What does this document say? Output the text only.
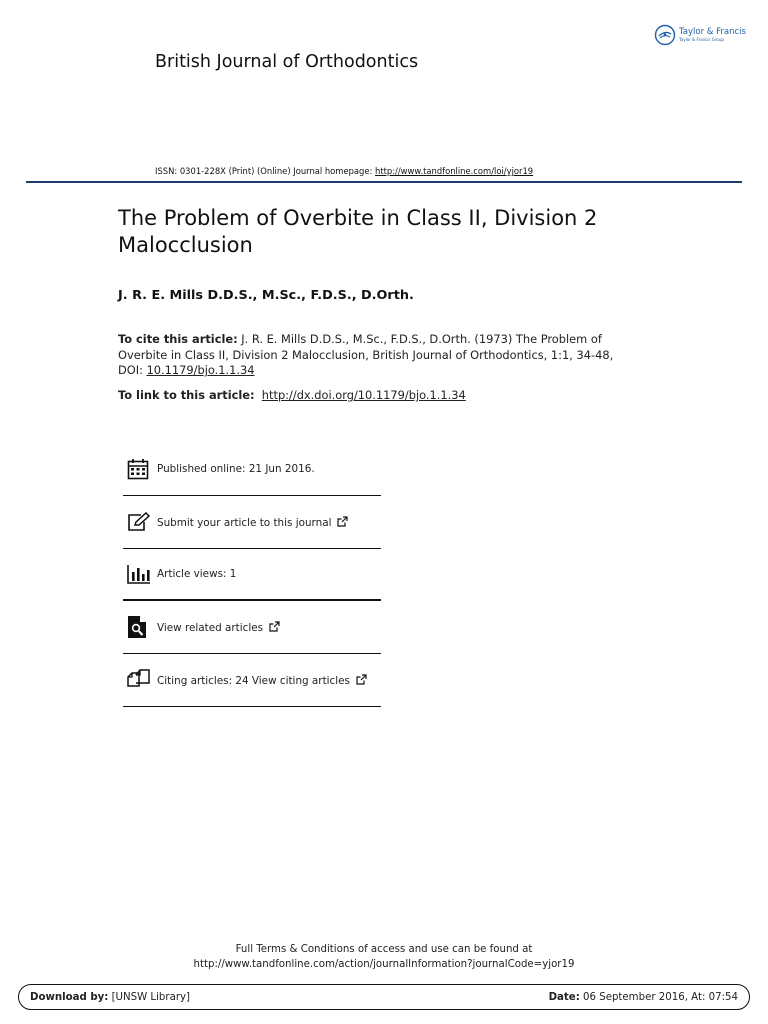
Taylor & Francis
Taylor & Francis Group
British Journal of Orthodontics
ISSN: 0301-228X (Print) (Online) Journal homepage: http://www.tandfonline.com/loi/yjor19
The Problem of Overbite in Class II, Division 2 Malocclusion
J. R. E. Mills D.D.S., M.Sc., F.D.S., D.Orth.
To cite this article: J. R. E. Mills D.D.S., M.Sc., F.D.S., D.Orth. (1973) The Problem of Overbite in Class II, Division 2 Malocclusion, British Journal of Orthodontics, 1:1, 34-48, DOI: 10.1179/bjo.1.1.34
To link to this article: http://dx.doi.org/10.1179/bjo.1.1.34
Published online: 21 Jun 2016.
Submit your article to this journal
Article views: 1
View related articles
Citing articles: 24 View citing articles
Full Terms & Conditions of access and use can be found at
http://www.tandfonline.com/action/journalInformation?journalCode=yjor19
Download by: [UNSW Library]	Date: 06 September 2016, At: 07:54
